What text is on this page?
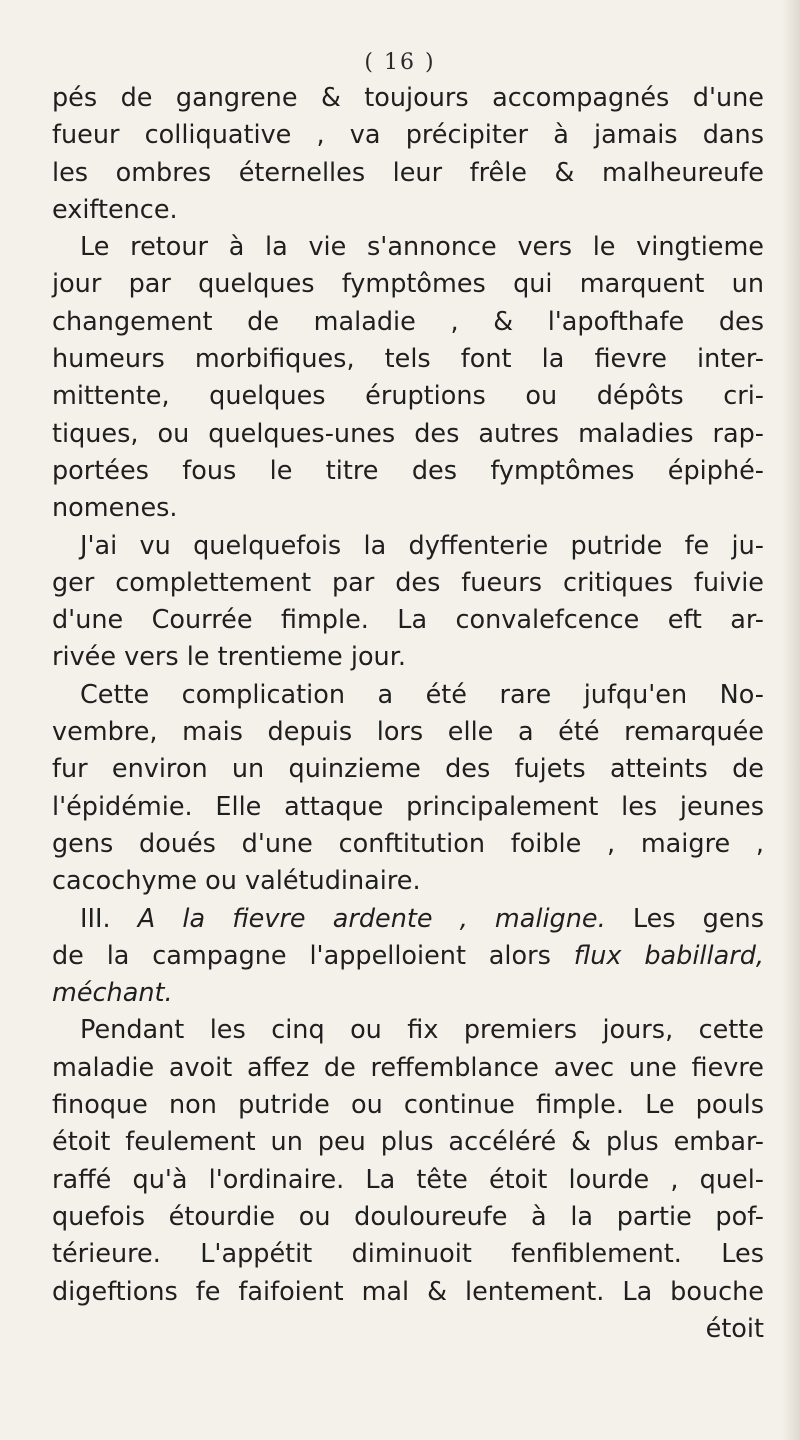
( 16 )
pés de gangrene & toujours accompagnés d'une
fueur colliquative , va précipiter à jamais dans
les ombres éternelles leur frêle & malheureufe
exiftence.
Le retour à la vie s'annonce vers le vingtieme
jour par quelques fymptômes qui marquent un
changement de maladie , & l'apofthafe des
humeurs morbifiques, tels font la fievre inter-
mittente, quelques éruptions ou dépôts cri-
tiques, ou quelques-unes des autres maladies rap-
portées fous le titre des fymptômes épiphé-
nomenes.
J'ai vu quelquefois la dyffenterie putride fe ju-
ger complettement par des fueurs critiques fuivie
d'une Courrée fimple. La convalefcence eft ar-
rivée vers le trentieme jour.
Cette complication a été rare jufqu'en No-
vembre, mais depuis lors elle a été remarquée
fur environ un quinzieme des fujets atteints de
l'épidémie. Elle attaque principalement les jeunes
gens doués d'une conftitution foible , maigre ,
cacochyme ou valétudinaire.
III. A la fievre ardente , maligne. Les gens
de la campagne l'appelloient alors flux babillard,
méchant.
Pendant les cinq ou fix premiers jours, cette
maladie avoit affez de reffemblance avec une fievre
finoque non putride ou continue fimple. Le pouls
étoit feulement un peu plus accéléré & plus embar-
raffé qu'à l'ordinaire. La tête étoit lourde , quel-
quefois étourdie ou douloureufe à la partie pof-
térieure. L'appétit diminuoit fenfiblement. Les
digeftions fe faifoient mal & lentement. La bouche
étoit
